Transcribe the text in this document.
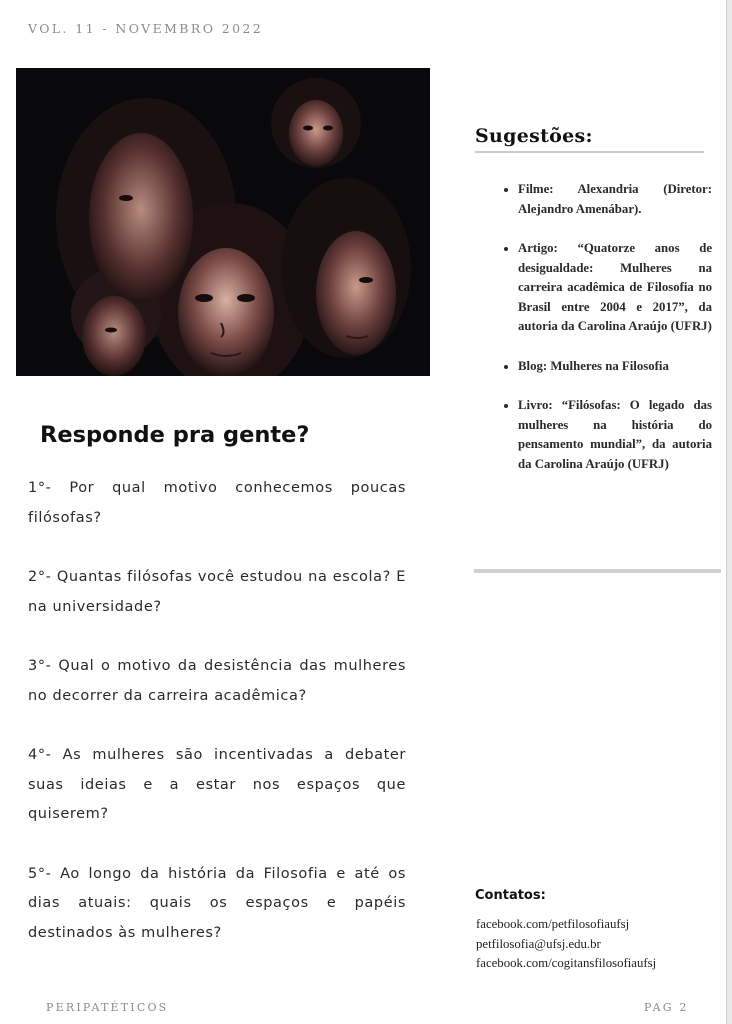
VOL. 11 - NOVEMBRO 2022
Responde pra gente?

1°- Por qual motivo conhecemos poucas filósofas?

2°- Quantas filósofas você estudou na escola? E na universidade?

3°- Qual o motivo da desistência das mulheres no decorrer da carreira acadêmica?

4°- As mulheres são incentivadas a debater suas ideias e a estar nos espaços que quiserem?

5°- Ao longo da história da Filosofia e até os dias atuais: quais os espaços e papéis destinados às mulheres?

Sugestões:
Filme: Alexandria (Diretor: Alejandro Amenábar).
Artigo: “Quatorze anos de desigualdade: Mulheres na carreira acadêmica de Filosofia no Brasil entre 2004 e 2017”, da autoria da Carolina Araújo (UFRJ)
Blog: Mulheres na Filosofia
Livro: “Filósofas: O legado das mulheres na história do pensamento mundial”, da autoria da Carolina Araújo (UFRJ)
Contatos:
facebook.com/petfilosofiaufsj
petfilosofia@ufsj.edu.br
facebook.com/cogitansfilosofiaufsj
PERIPATÉTICOS	PAG 2
